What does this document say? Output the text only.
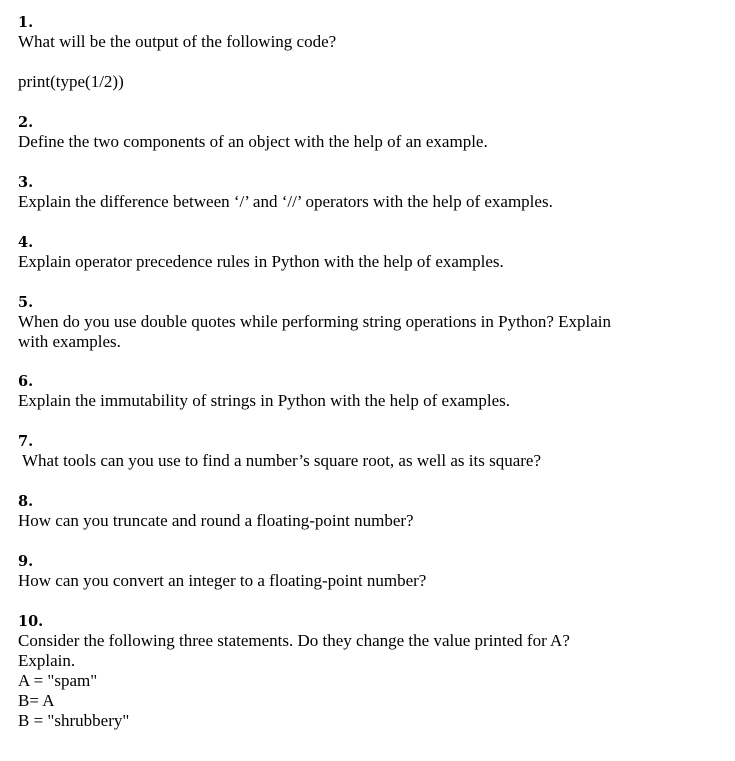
1.
What will be the output of the following code?
print(type(1/2))
2.
Define the two components of an object with the help of an example.
3.
Explain the difference between ‘/’ and ‘//’ operators with the help of examples.
4.
Explain operator precedence rules in Python with the help of examples.
5.
When do you use double quotes while performing string operations in Python? Explain
with examples.
6.
Explain the immutability of strings in Python with the help of examples.
7.
What tools can you use to find a number’s square root, as well as its square?
8.
How can you truncate and round a floating-point number?
9.
How can you convert an integer to a floating-point number?
10.
Consider the following three statements. Do they change the value printed for A?
Explain.
A = "spam"
B= A
B = "shrubbery"
